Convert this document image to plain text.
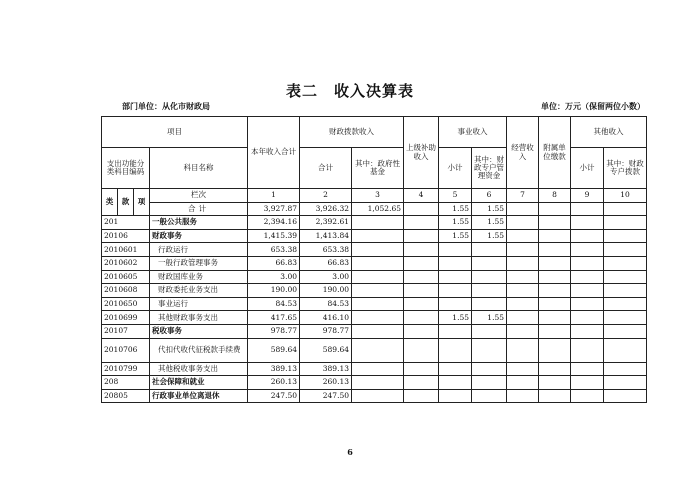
表二　收入决算表
部门单位：从化市财政局	单位：万元（保留两位小数）
项目				本年收入合计	财政拨款收入		上级补助收入	事业收入		经营收入	附属单位缴款	其他收入	
支出功能分类科目编码			科目名称		合计	其中：政府性基金		小计	其中：财政专户管理资金			小计	其中：财政专户拨款
类	款	项	栏次	1	2	3	4	5	6	7	8	9	10
			合计	3,927.87	3,926.32	1,052.65		1.55	1.55				
201			一般公共服务	2,394.16	2,392.61			1.55	1.55				
20106			财政事务	1,415.39	1,413.84			1.55	1.55				
2010601			行政运行	653.38	653.38								
2010602			一般行政管理事务	66.83	66.83								
2010605			财政国库业务	3.00	3.00								
2010608			财政委托业务支出	190.00	190.00								
2010650			事业运行	84.53	84.53								
2010699			其他财政事务支出	417.65	416.10			1.55	1.55				
20107			税收事务	978.77	978.77								
2010706			代扣代收代征税款手续费	589.64	589.64								
2010799			其他税收事务支出	389.13	389.13								
208			社会保障和就业	260.13	260.13								
20805			行政事业单位离退休	247.50	247.50								
6
